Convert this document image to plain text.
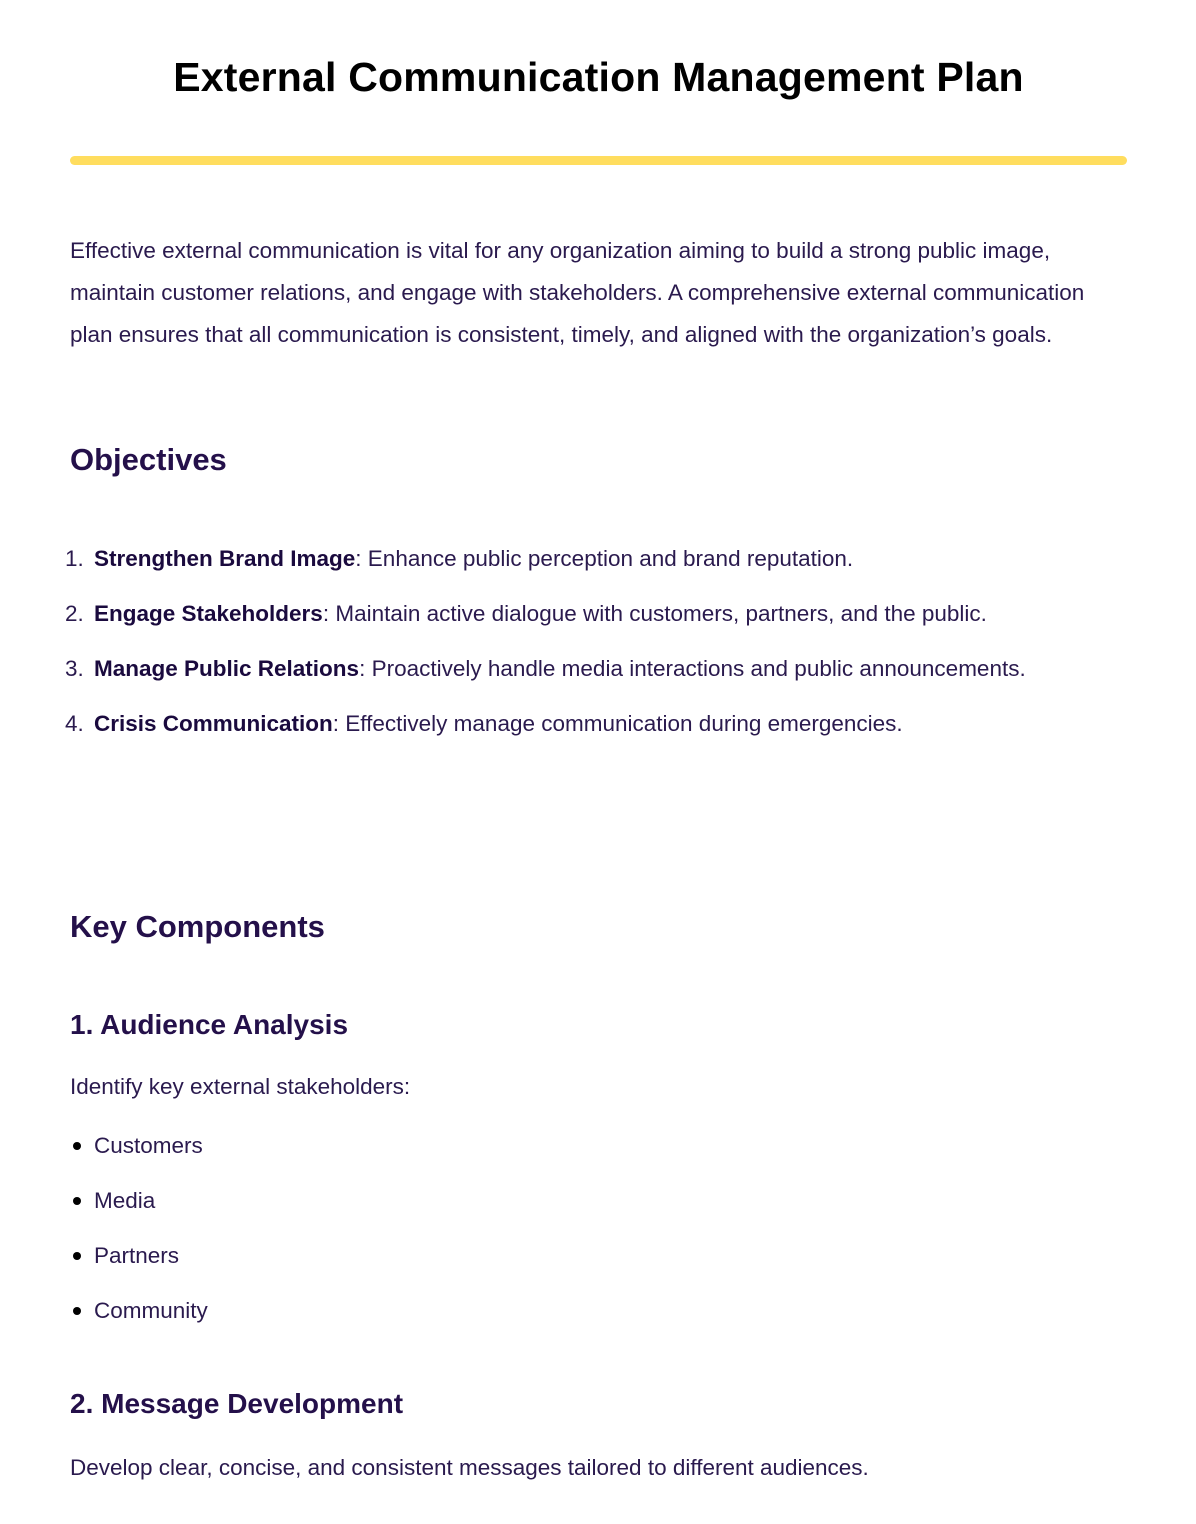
External Communication Management Plan

Effective external communication is vital for any organization aiming to build a strong public image, maintain customer relations, and engage with stakeholders. A comprehensive external communication plan ensures that all communication is consistent, timely, and aligned with the organization’s goals.

Objectives
1. Strengthen Brand Image: Enhance public perception and brand reputation.
2. Engage Stakeholders: Maintain active dialogue with customers, partners, and the public.
3. Manage Public Relations: Proactively handle media interactions and public announcements.
4. Crisis Communication: Effectively manage communication during emergencies.
Key Components
1. Audience Analysis

Identify key external stakeholders:

Customers
Media
Partners
Community
2. Message Development

Develop clear, concise, and consistent messages tailored to different audiences.
